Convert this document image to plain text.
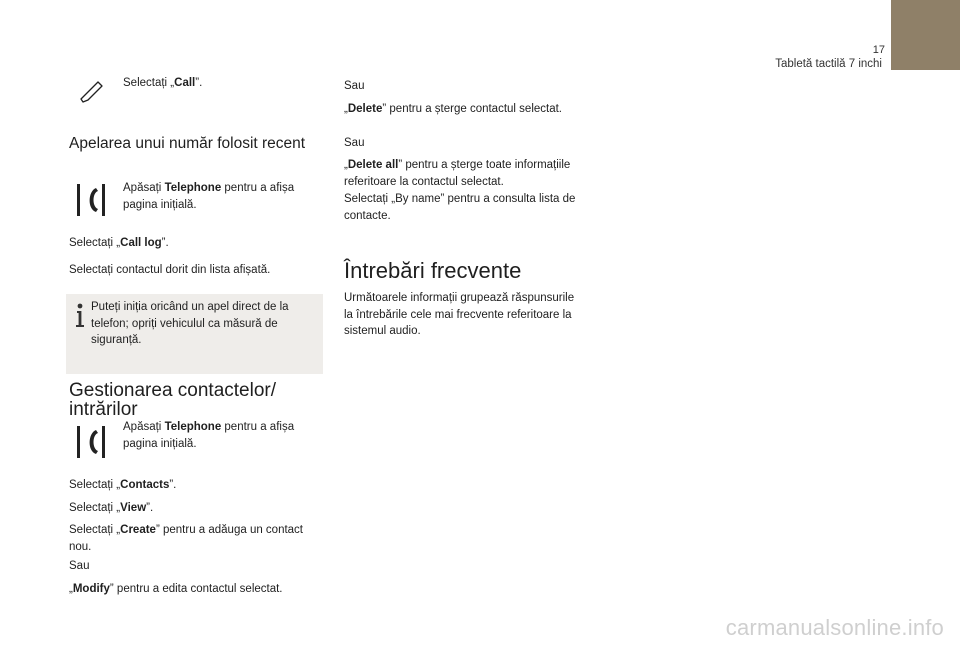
17
Tabletă tactilă 7 inchi
Selectați „Call”.
Apelarea unui număr folosit recent
Apăsați Telephone pentru a afișa
pagina inițială.
Selectați „Call log”.
Selectați contactul dorit din lista afișată.
Puteți iniția oricând un apel direct de la
telefon; opriți vehiculul ca măsură de
siguranță.
Gestionarea contactelor/
intrărilor
Apăsați Telephone pentru a afișa
pagina inițială.
Selectați „Contacts”.
Selectați „View”.
Selectați „Create” pentru a adăuga un contact
nou.
Sau
„Modify” pentru a edita contactul selectat.
Sau
„Delete” pentru a șterge contactul selectat.
Sau
„Delete all” pentru a șterge toate informațiile
referitoare la contactul selectat.
Selectați „By name” pentru a consulta lista de
contacte.
Întrebări frecvente
Următoarele informații grupează răspunsurile
la întrebările cele mai frecvente referitoare la
sistemul audio.
carmanualsonline.info
